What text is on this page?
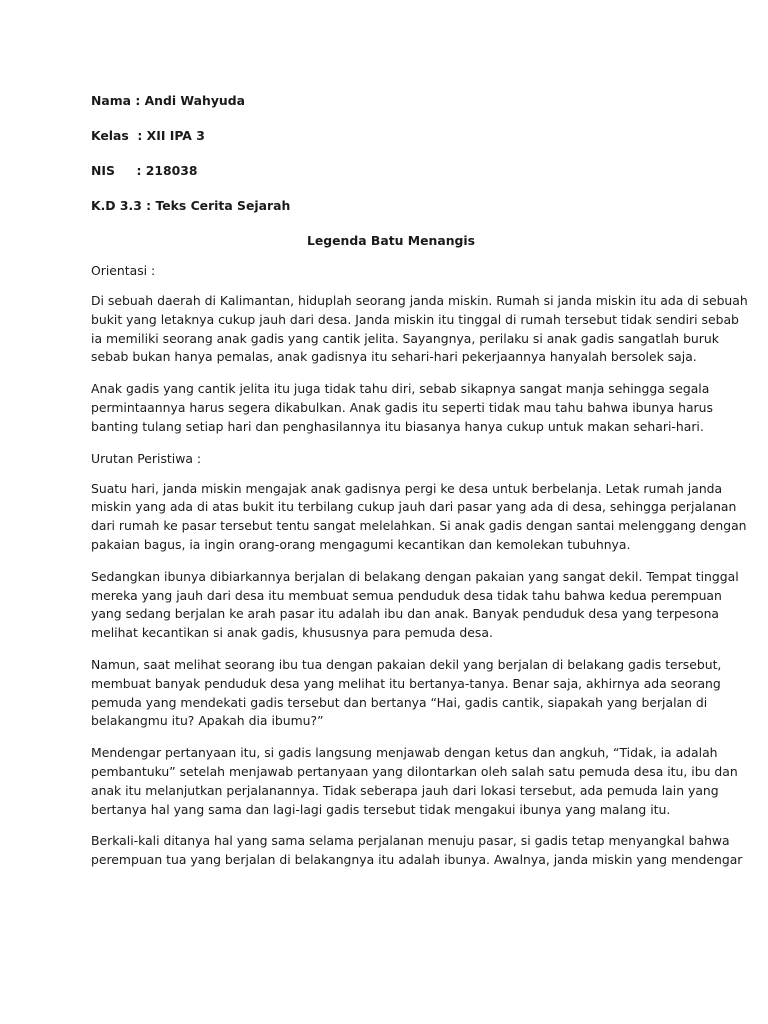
Nama : Andi Wahyuda
Kelas  : XII IPA 3
NIS     : 218038
K.D 3.3 : Teks Cerita Sejarah
Legenda Batu Menangis
Orientasi :
Di sebuah daerah di Kalimantan, hiduplah seorang janda miskin. Rumah si janda miskin itu ada di sebuah
bukit yang letaknya cukup jauh dari desa. Janda miskin itu tinggal di rumah tersebut tidak sendiri sebab
ia memiliki seorang anak gadis yang cantik jelita. Sayangnya, perilaku si anak gadis sangatlah buruk
sebab bukan hanya pemalas, anak gadisnya itu sehari-hari pekerjaannya hanyalah bersolek saja.
Anak gadis yang cantik jelita itu juga tidak tahu diri, sebab sikapnya sangat manja sehingga segala
permintaannya harus segera dikabulkan. Anak gadis itu seperti tidak mau tahu bahwa ibunya harus
banting tulang setiap hari dan penghasilannya itu biasanya hanya cukup untuk makan sehari-hari.
Urutan Peristiwa :
Suatu hari, janda miskin mengajak anak gadisnya pergi ke desa untuk berbelanja. Letak rumah janda
miskin yang ada di atas bukit itu terbilang cukup jauh dari pasar yang ada di desa, sehingga perjalanan
dari rumah ke pasar tersebut tentu sangat melelahkan. Si anak gadis dengan santai melenggang dengan
pakaian bagus, ia ingin orang-orang mengagumi kecantikan dan kemolekan tubuhnya.
Sedangkan ibunya dibiarkannya berjalan di belakang dengan pakaian yang sangat dekil. Tempat tinggal
mereka yang jauh dari desa itu membuat semua penduduk desa tidak tahu bahwa kedua perempuan
yang sedang berjalan ke arah pasar itu adalah ibu dan anak. Banyak penduduk desa yang terpesona
melihat kecantikan si anak gadis, khususnya para pemuda desa.
Namun, saat melihat seorang ibu tua dengan pakaian dekil yang berjalan di belakang gadis tersebut,
membuat banyak penduduk desa yang melihat itu bertanya-tanya. Benar saja, akhirnya ada seorang
pemuda yang mendekati gadis tersebut dan bertanya “Hai, gadis cantik, siapakah yang berjalan di
belakangmu itu? Apakah dia ibumu?”
Mendengar pertanyaan itu, si gadis langsung menjawab dengan ketus dan angkuh, “Tidak, ia adalah
pembantuku” setelah menjawab pertanyaan yang dilontarkan oleh salah satu pemuda desa itu, ibu dan
anak itu melanjutkan perjalanannya. Tidak seberapa jauh dari lokasi tersebut, ada pemuda lain yang
bertanya hal yang sama dan lagi-lagi gadis tersebut tidak mengakui ibunya yang malang itu.
Berkali-kali ditanya hal yang sama selama perjalanan menuju pasar, si gadis tetap menyangkal bahwa
perempuan tua yang berjalan di belakangnya itu adalah ibunya. Awalnya, janda miskin yang mendengar
